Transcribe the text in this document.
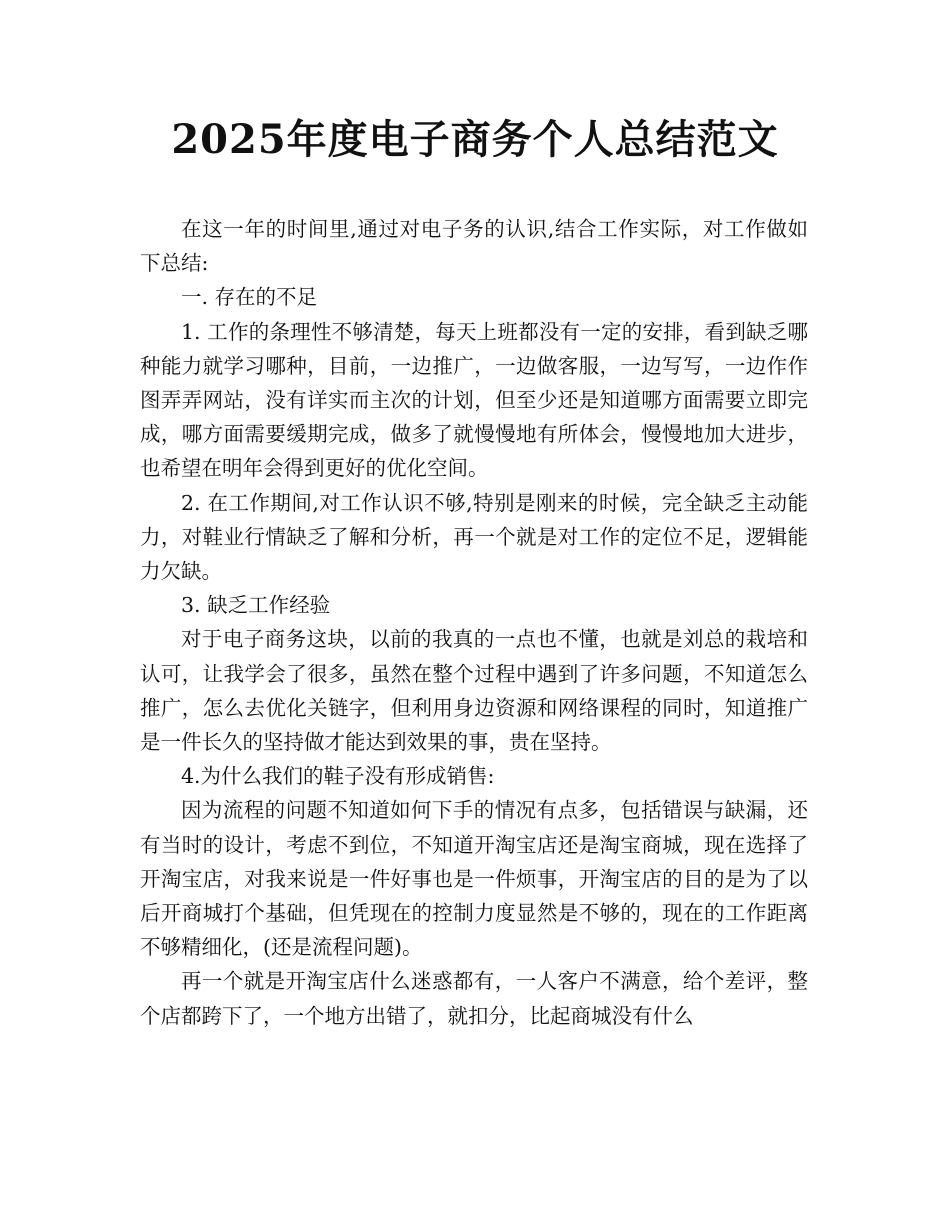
2025年度电子商务个人总结范文

在这一年的时间里,通过对电子务的认识,结合工作实际，对工作做如下总结:

一. 存在的不足

1. 工作的条理性不够清楚，每天上班都没有一定的安排，看到缺乏哪种能力就学习哪种，目前，一边推广，一边做客服，一边写写，一边作作图弄弄网站，没有详实而主次的计划，但至少还是知道哪方面需要立即完成，哪方面需要缓期完成，做多了就慢慢地有所体会，慢慢地加大进步，也希望在明年会得到更好的优化空间。

2. 在工作期间,对工作认识不够,特别是刚来的时候，完全缺乏主动能力，对鞋业行情缺乏了解和分析，再一个就是对工作的定位不足，逻辑能力欠缺。

3. 缺乏工作经验

对于电子商务这块，以前的我真的一点也不懂，也就是刘总的栽培和认可，让我学会了很多，虽然在整个过程中遇到了许多问题，不知道怎么推广，怎么去优化关链字，但利用身边资源和网络课程的同时，知道推广是一件长久的坚持做才能达到效果的事，贵在坚持。

4.为什么我们的鞋子没有形成销售:

因为流程的问题不知道如何下手的情况有点多，包括错误与缺漏，还有当时的设计，考虑不到位，不知道开淘宝店还是淘宝商城，现在选择了开淘宝店，对我来说是一件好事也是一件烦事，开淘宝店的目的是为了以后开商城打个基础，但凭现在的控制力度显然是不够的，现在的工作距离不够精细化，(还是流程问题)。

再一个就是开淘宝店什么迷惑都有，一人客户不满意，给个差评，整个店都跨下了，一个地方出错了，就扣分，比起商城没有什么
